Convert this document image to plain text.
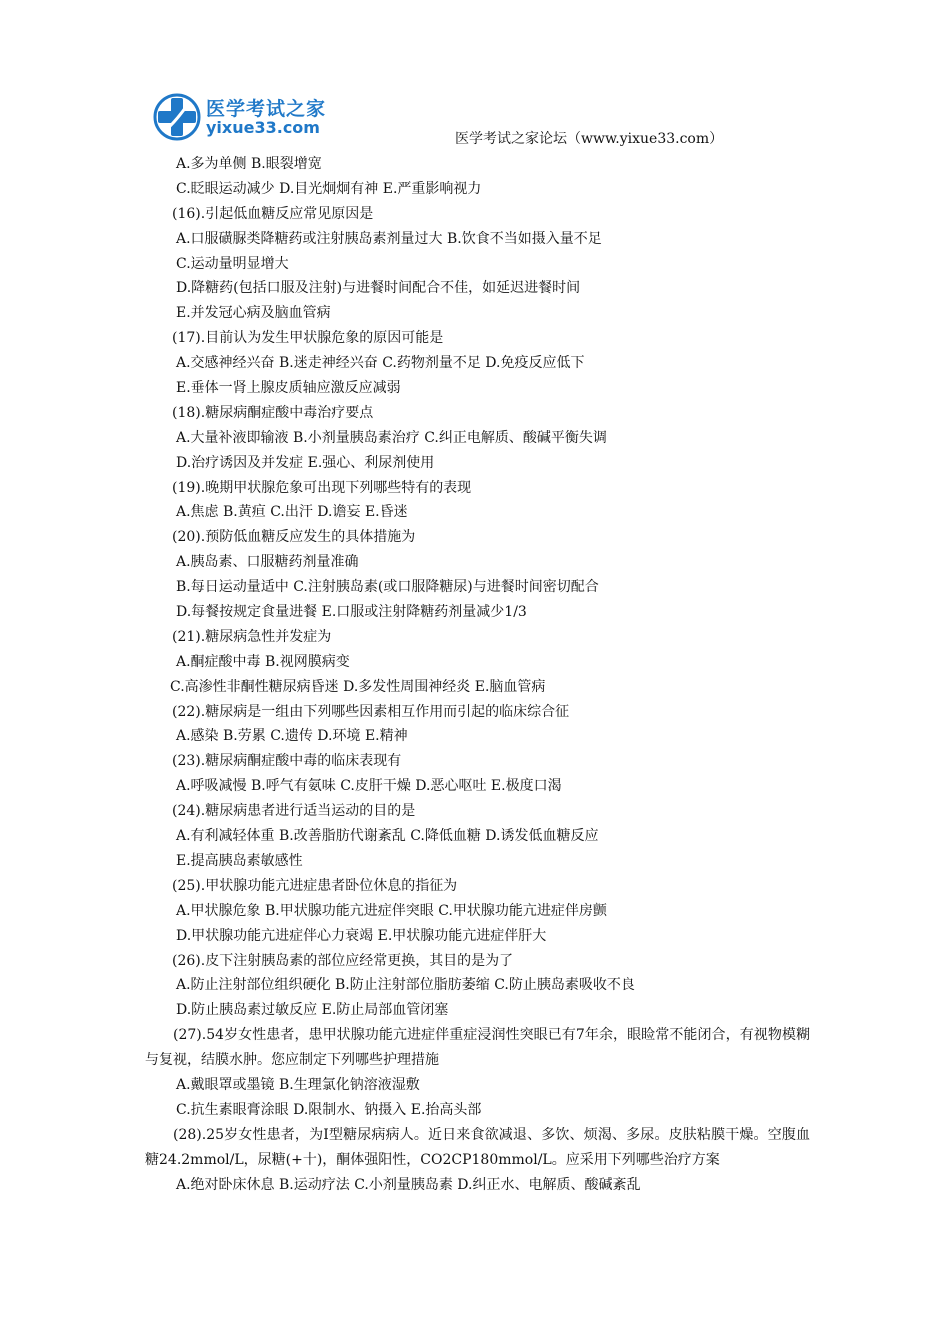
医学考试之家
yixue33.com
医学考试之家论坛（www.yixue33.com）
A.多为单侧 B.眼裂增宽
C.眨眼运动减少 D.目光炯炯有神 E.严重影响视力
(16).引起低血糖反应常见原因是
A.口服磺脲类降糖药或注射胰岛素剂量过大 B.饮食不当如摄入量不足
C.运动量明显增大
D.降糖药(包括口服及注射)与进餐时间配合不佳，如延迟进餐时间
E.并发冠心病及脑血管病
(17).目前认为发生甲状腺危象的原因可能是
A.交感神经兴奋 B.迷走神经兴奋 C.药物剂量不足 D.免疫反应低下
E.垂体一肾上腺皮质轴应激反应减弱
(18).糖尿病酮症酸中毒治疗要点
A.大量补液即输液 B.小剂量胰岛素治疗 C.纠正电解质、酸碱平衡失调
D.治疗诱因及并发症 E.强心、利尿剂使用
(19).晚期甲状腺危象可出现下列哪些特有的表现
A.焦虑 B.黄疸 C.出汗 D.谵妄 E.昏迷
(20).预防低血糖反应发生的具体措施为
A.胰岛素、口服糖药剂量准确
B.每日运动量适中 C.注射胰岛素(或口服降糖尿)与进餐时间密切配合
D.每餐按规定食量进餐 E.口服或注射降糖药剂量减少1/3
(21).糖尿病急性并发症为
A.酮症酸中毒 B.视网膜病变
C.高渗性非酮性糖尿病昏迷 D.多发性周围神经炎 E.脑血管病
(22).糖尿病是一组由下列哪些因素相互作用而引起的临床综合征
A.感染 B.劳累 C.遗传 D.环境 E.精神
(23).糖尿病酮症酸中毒的临床表现有
A.呼吸减慢 B.呼气有氨味 C.皮肝干燥 D.恶心呕吐 E.极度口渴
(24).糖尿病患者进行适当运动的目的是
A.有利减轻体重 B.改善脂肪代谢紊乱 C.降低血糖 D.诱发低血糖反应
E.提高胰岛素敏感性
(25).甲状腺功能亢进症患者卧位休息的指征为
A.甲状腺危象 B.甲状腺功能亢进症伴突眼 C.甲状腺功能亢进症伴房颤
D.甲状腺功能亢进症伴心力衰竭 E.甲状腺功能亢进症伴肝大
(26).皮下注射胰岛素的部位应经常更换，其目的是为了
A.防止注射部位组织硬化 B.防止注射部位脂肪萎缩 C.防止胰岛素吸收不良
D.防止胰岛素过敏反应 E.防止局部血管闭塞
(27).54岁女性患者，患甲状腺功能亢进症伴重症浸润性突眼已有7年余，眼睑常不能闭合，有视物模糊与复视，结膜水肿。您应制定下列哪些护理措施
A.戴眼罩或墨镜 B.生理氯化钠溶液湿敷
C.抗生素眼膏涂眼 D.限制水、钠摄入 E.抬高头部
(28).25岁女性患者，为I型糖尿病病人。近日来食欲减退、多饮、烦渴、多尿。皮肤粘膜干燥。空腹血糖24.2mmol/L，尿糖(+十)，酮体强阳性，CO2CP180mmol/L。应采用下列哪些治疗方案
A.绝对卧床休息 B.运动疗法 C.小剂量胰岛素 D.纠正水、电解质、酸碱紊乱
